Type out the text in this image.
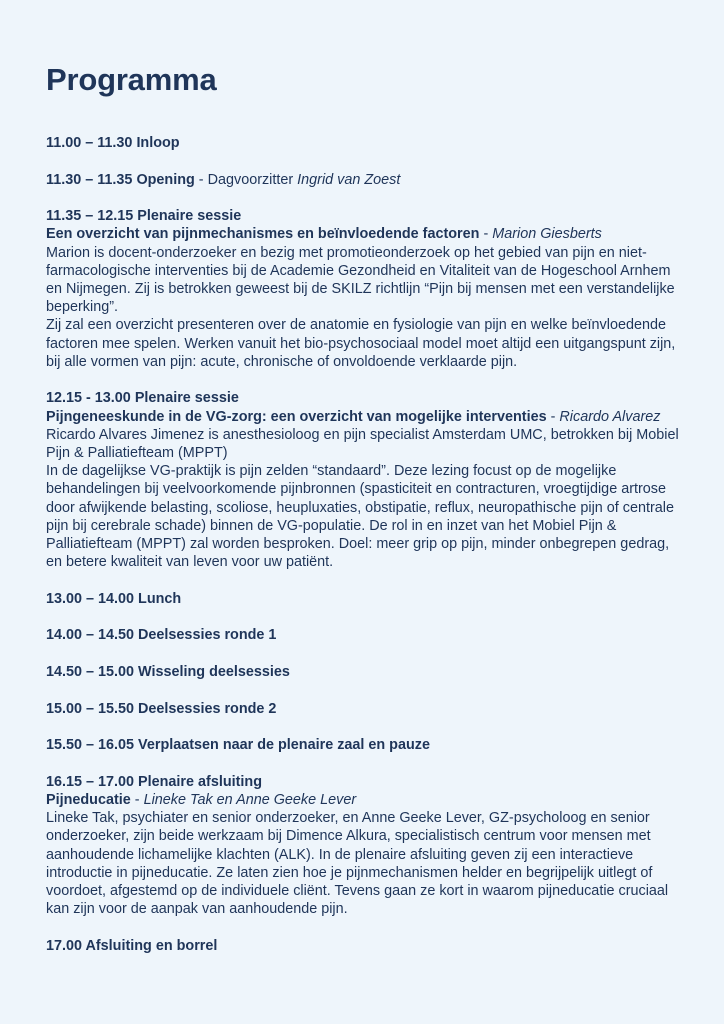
Programma
11.00 – 11.30 Inloop
11.30 – 11.35 Opening - Dagvoorzitter Ingrid van Zoest
11.35 – 12.15 Plenaire sessie
Een overzicht van pijnmechanismes en beïnvloedende factoren - Marion Giesberts

Marion is docent-onderzoeker en bezig met promotieonderzoek op het gebied van pijn en niet-farmacologische interventies bij de Academie Gezondheid en Vitaliteit van de Hogeschool Arnhem en Nijmegen. Zij is betrokken geweest bij de SKILZ richtlijn “Pijn bij mensen met een verstandelijke beperking”.

Zij zal een overzicht presenteren over de anatomie en fysiologie van pijn en welke beïnvloedende factoren mee spelen. Werken vanuit het bio-psychosociaal model moet altijd een uitgangspunt zijn, bij alle vormen van pijn: acute, chronische of onvoldoende verklaarde pijn.

12.15 - 13.00 Plenaire sessie
Pijngeneeskunde in de VG-zorg: een overzicht van mogelijke interventies - Ricardo Alvarez

Ricardo Alvares Jimenez is anesthesioloog en pijn specialist Amsterdam UMC, betrokken bij Mobiel Pijn & Palliatiefteam (MPPT)

In de dagelijkse VG-praktijk is pijn zelden “standaard”. Deze lezing focust op de mogelijke behandelingen bij veelvoorkomende pijnbronnen (spasticiteit en contracturen, vroegtijdige artrose door afwijkende belasting, scoliose, heupluxaties, obstipatie, reflux, neuropathische pijn of centrale pijn bij cerebrale schade) binnen de VG-populatie. De rol in en inzet van het Mobiel Pijn & Palliatiefteam (MPPT) zal worden besproken. Doel: meer grip op pijn, minder onbegrepen gedrag, en betere kwaliteit van leven voor uw patiënt.

13.00 – 14.00 Lunch
14.00 – 14.50 Deelsessies ronde 1
14.50 – 15.00 Wisseling deelsessies
15.00 – 15.50 Deelsessies ronde 2
15.50 – 16.05 Verplaatsen naar de plenaire zaal en pauze
16.15 – 17.00 Plenaire afsluiting
Pijneducatie - Lineke Tak en Anne Geeke Lever

Lineke Tak, psychiater en senior onderzoeker, en Anne Geeke Lever, GZ-psycholoog en senior onderzoeker, zijn beide werkzaam bij Dimence Alkura, specialistisch centrum voor mensen met aanhoudende lichamelijke klachten (ALK). In de plenaire afsluiting geven zij een interactieve introductie in pijneducatie. Ze laten zien hoe je pijnmechanismen helder en begrijpelijk uitlegt of voordoet, afgestemd op de individuele cliënt. Tevens gaan ze kort in waarom pijneducatie cruciaal kan zijn voor de aanpak van aanhoudende pijn.

17.00 Afsluiting en borrel
